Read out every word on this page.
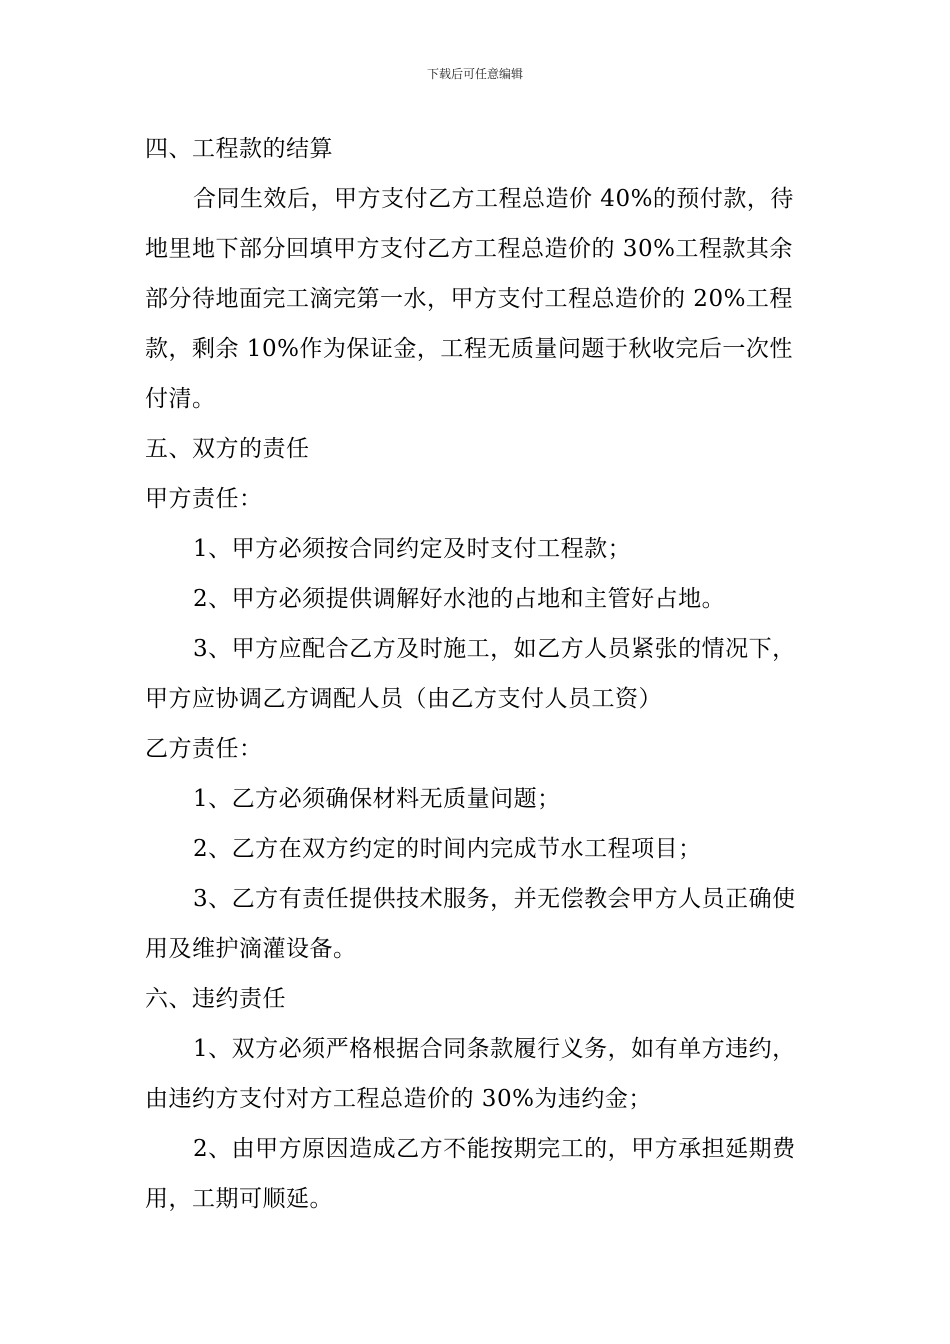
下载后可任意编辑

四、工程款的结算

合同生效后，甲方支付乙方工程总造价 40%的预付款，待地里地下部分回填甲方支付乙方工程总造价的 30%工程款其余部分待地面完工滴完第一水，甲方支付工程总造价的 20%工程款，剩余 10%作为保证金，工程无质量问题于秋收完后一次性付清。

五、双方的责任

甲方责任：

1、甲方必须按合同约定及时支付工程款；

2、甲方必须提供调解好水池的占地和主管好占地。

3、甲方应配合乙方及时施工，如乙方人员紧张的情况下，甲方应协调乙方调配人员（由乙方支付人员工资）

乙方责任：

1、乙方必须确保材料无质量问题；

2、乙方在双方约定的时间内完成节水工程项目；

3、乙方有责任提供技术服务，并无偿教会甲方人员正确使用及维护滴灌设备。

六、违约责任

1、双方必须严格根据合同条款履行义务，如有单方违约，由违约方支付对方工程总造价的 30%为违约金；

2、由甲方原因造成乙方不能按期完工的，甲方承担延期费用，工期可顺延。
